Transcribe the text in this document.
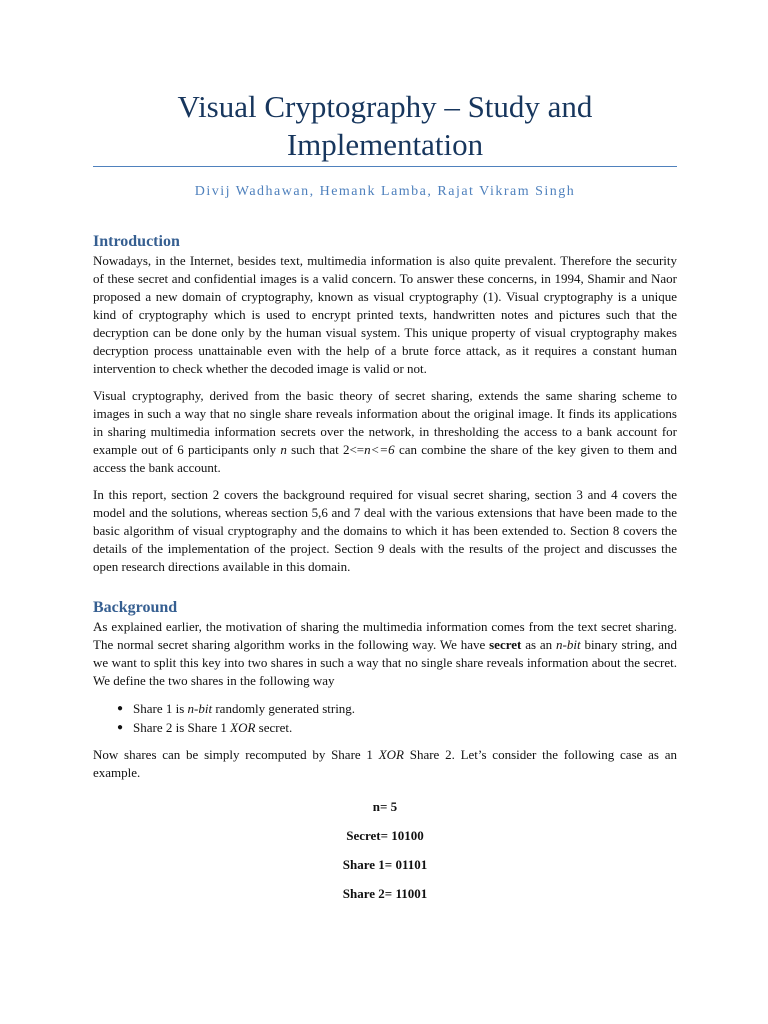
Visual Cryptography – Study and Implementation
Divij Wadhawan, Hemank Lamba, Rajat Vikram Singh
Introduction

Nowadays, in the Internet, besides text, multimedia information is also quite prevalent. Therefore the security of these secret and confidential images is a valid concern. To answer these concerns, in 1994, Shamir and Naor proposed a new domain of cryptography, known as visual cryptography (1). Visual cryptography is a unique kind of cryptography which is used to encrypt printed texts, handwritten notes and pictures such that the decryption can be done only by the human visual system. This unique property of visual cryptography makes decryption process unattainable even with the help of a brute force attack, as it requires a constant human intervention to check whether the decoded image is valid or not.

Visual cryptography, derived from the basic theory of secret sharing, extends the same sharing scheme to images in such a way that no single share reveals information about the original image. It finds its applications in sharing multimedia information secrets over the network, in thresholding the access to a bank account for example out of 6 participants only n such that 2<=n<=6 can combine the share of the key given to them and access the bank account.

In this report, section 2 covers the background required for visual secret sharing, section 3 and 4 covers the model and the solutions, whereas section 5,6 and 7 deal with the various extensions that have been made to the basic algorithm of visual cryptography and the domains to which it has been extended to. Section 8 covers the details of the implementation of the project. Section 9 deals with the results of the project and discusses the open research directions available in this domain.

Background

As explained earlier, the motivation of sharing the multimedia information comes from the text secret sharing. The normal secret sharing algorithm works in the following way. We have secret as an n-bit binary string, and we want to split this key into two shares in such a way that no single share reveals information about the secret. We define the two shares in the following way

● Share 1 is n-bit randomly generated string.
● Share 2 is Share 1 XOR secret.

Now shares can be simply recomputed by Share 1 XOR Share 2. Let’s consider the following case as an example.

n= 5
Secret= 10100
Share 1= 01101
Share 2= 11001
